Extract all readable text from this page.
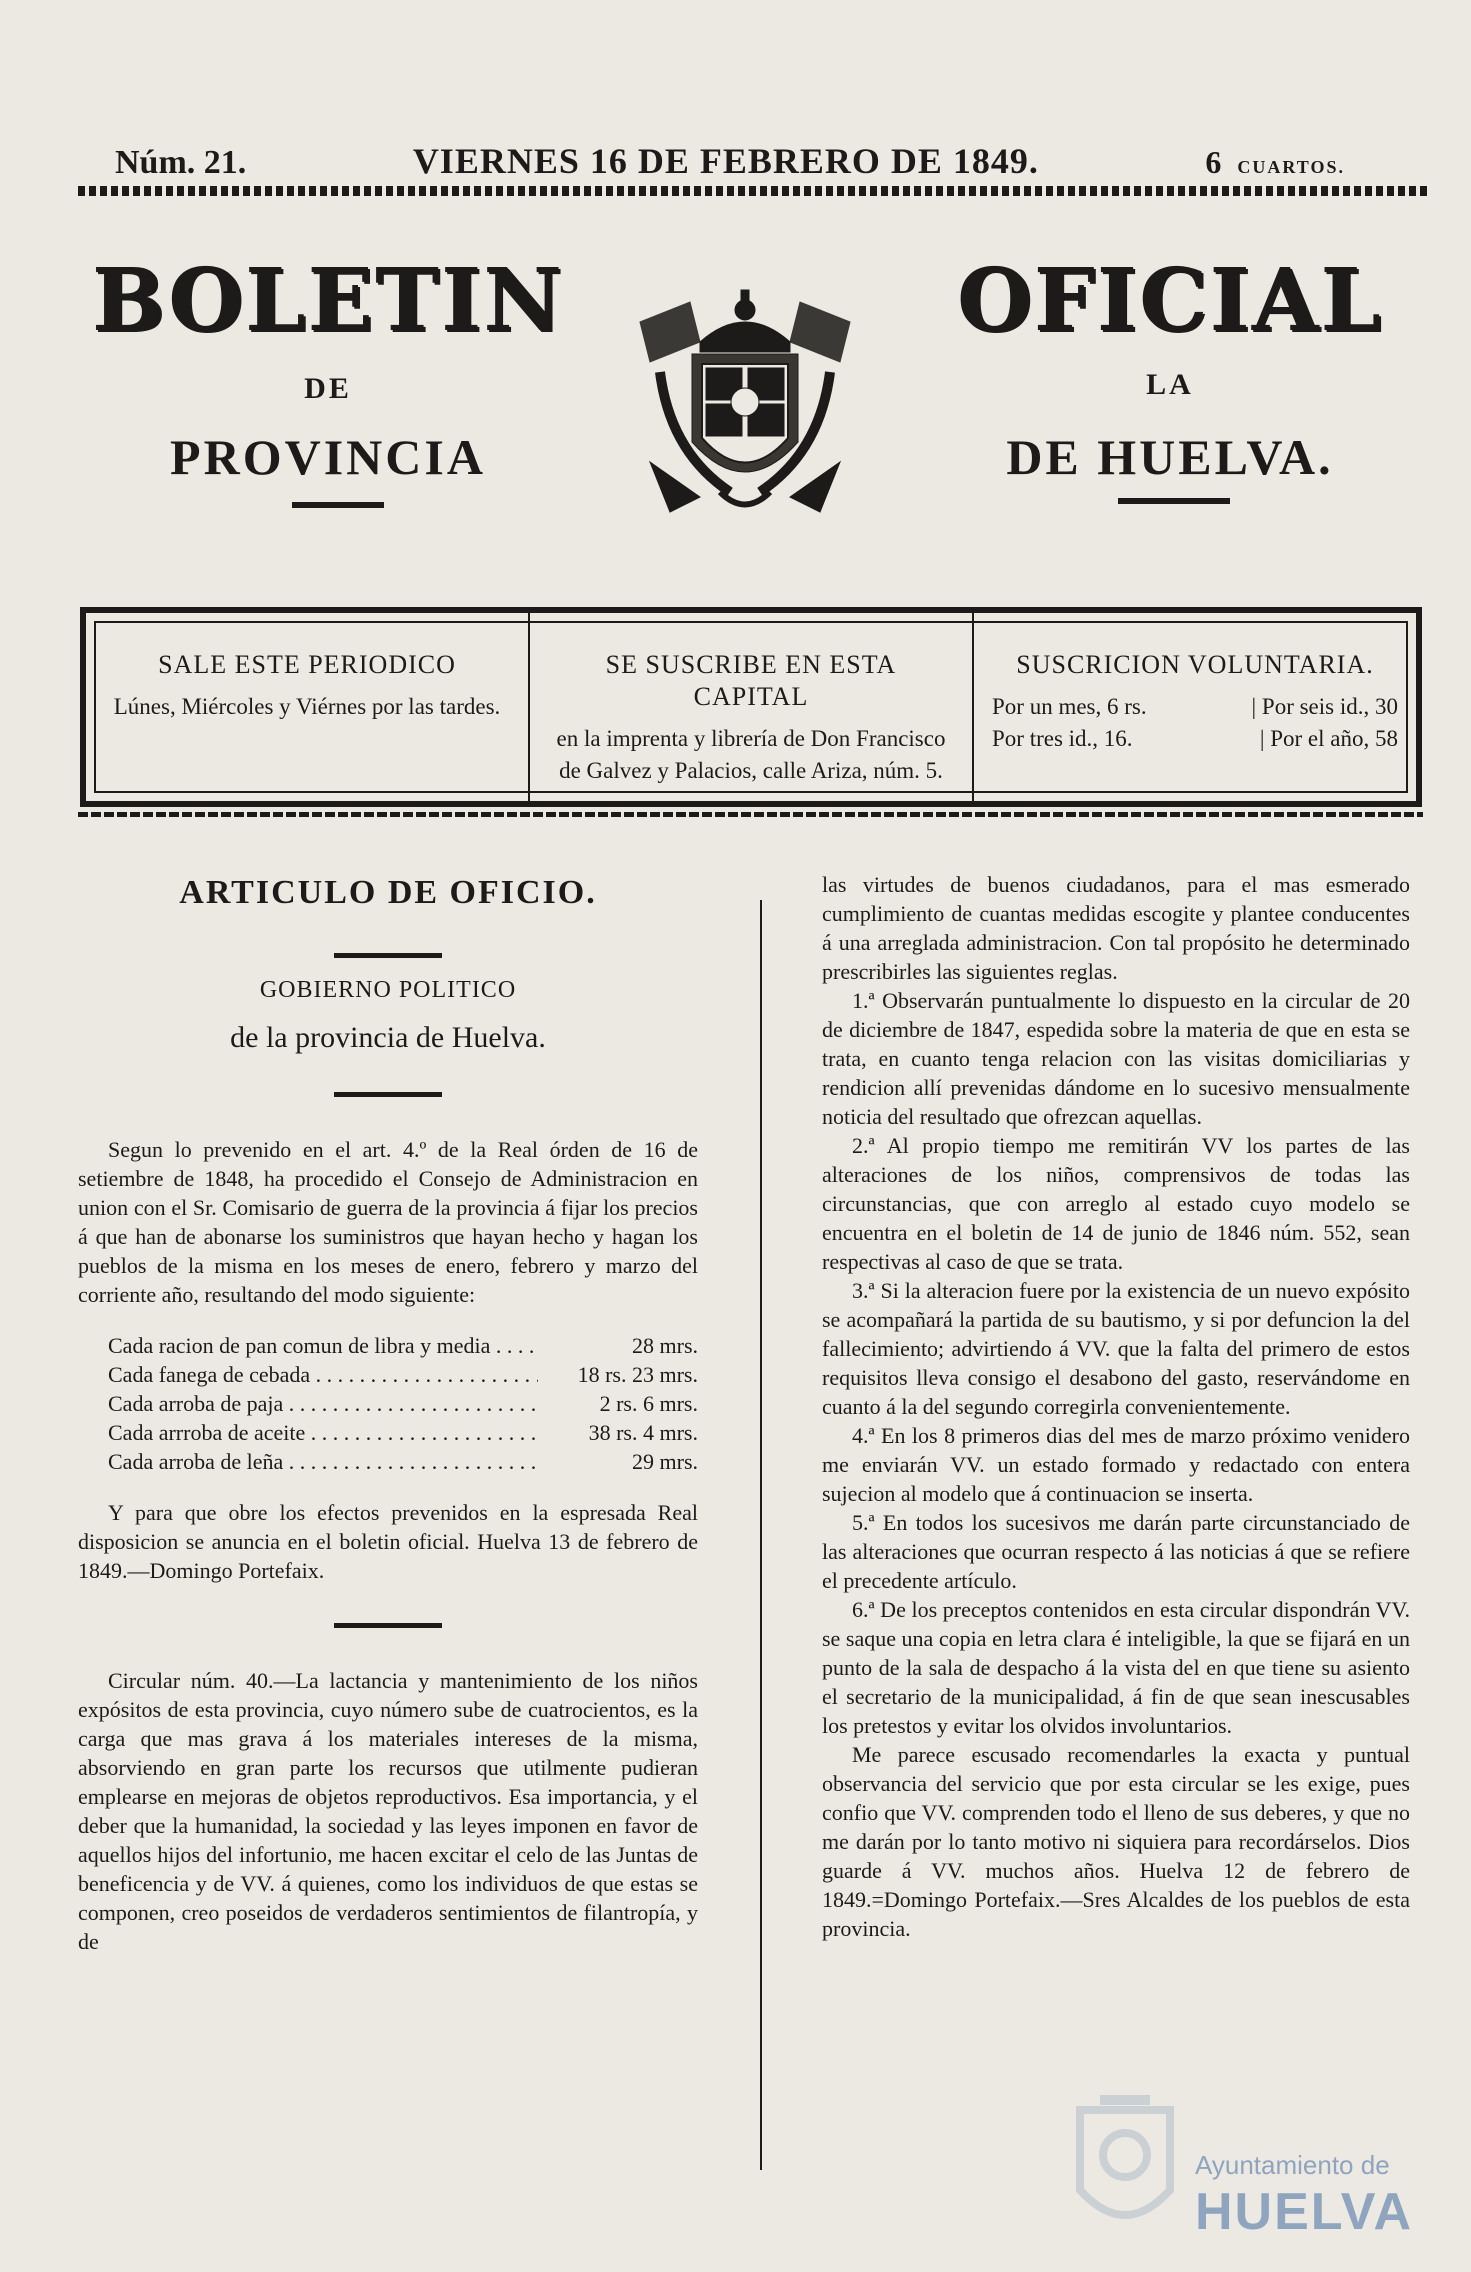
Núm. 21.	VIERNES 16 DE FEBRERO DE 1849.	6 CUARTOS.
BOLETIN
DE
PROVINCIA
OFICIAL
LA
DE HUELVA.
SALE ESTE PERIODICO
Lúnes, Miércoles y Viérnes por las tardes.
SE SUSCRIBE EN ESTA CAPITAL
en la imprenta y librería de Don Francisco de Galvez y Palacios, calle Ariza, núm. 5.
SUSCRICION VOLUNTARIA.
Por un mes, 6 rs.	| Por seis id., 30
Por tres id., 16.	| Por el año, 58
ARTICULO DE OFICIO.
GOBIERNO POLITICO
de la provincia de Huelva.

Segun lo prevenido en el art. 4.º de la Real órden de 16 de setiembre de 1848, ha procedido el Consejo de Administracion en union con el Sr. Comisario de guerra de la provincia á fijar los precios á que han de abonarse los suministros que hayan hecho y hagan los pueblos de la misma en los meses de enero, febrero y marzo del corriente año, resultando del modo siguiente:

Cada racion de pan comun de libra y media . . .	28 mrs.
Cada fanega de cebada . . .	18 rs. 23 mrs.
Cada arroba de paja . . .	2 rs. 6 mrs.
Cada arrroba de aceite . . .	38 rs. 4 mrs.
Cada arroba de leña . . .	29 mrs.

Y para que obre los efectos prevenidos en la espresada Real disposicion se anuncia en el boletin oficial. Huelva 13 de febrero de 1849.—Domingo Portefaix.

Circular núm. 40.—La lactancia y mantenimiento de los niños expósitos de esta provincia, cuyo número sube de cuatrocientos, es la carga que mas grava á los materiales intereses de la misma, absorviendo en gran parte los recursos que utilmente pudieran emplearse en mejoras de objetos reproductivos. Esa importancia, y el deber que la humanidad, la sociedad y las leyes imponen en favor de aquellos hijos del infortunio, me hacen excitar el celo de las Juntas de beneficencia y de VV. á quienes, como los individuos de que estas se componen, creo poseidos de verdaderos sentimientos de filantropía, y de

las virtudes de buenos ciudadanos, para el mas esmerado cumplimiento de cuantas medidas escogite y plantee conducentes á una arreglada administracion. Con tal propósito he determinado prescribirles las siguientes reglas.

1.ª Observarán puntualmente lo dispuesto en la circular de 20 de diciembre de 1847, espedida sobre la materia de que en esta se trata, en cuanto tenga relacion con las visitas domiciliarias y rendicion allí prevenidas dándome en lo sucesivo mensualmente noticia del resultado que ofrezcan aquellas.

2.ª Al propio tiempo me remitirán VV los partes de las alteraciones de los niños, comprensivos de todas las circunstancias, que con arreglo al estado cuyo modelo se encuentra en el boletin de 14 de junio de 1846 núm. 552, sean respectivas al caso de que se trata.

3.ª Si la alteracion fuere por la existencia de un nuevo expósito se acompañará la partida de su bautismo, y si por defuncion la del fallecimiento; advirtiendo á VV. que la falta del primero de estos requisitos lleva consigo el desabono del gasto, reservándome en cuanto á la del segundo corregirla convenientemente.

4.ª En los 8 primeros dias del mes de marzo próximo venidero me enviarán VV. un estado formado y redactado con entera sujecion al modelo que á continuacion se inserta.

5.ª En todos los sucesivos me darán parte circunstanciado de las alteraciones que ocurran respecto á las noticias á que se refiere el precedente artículo.

6.ª De los preceptos contenidos en esta circular dispondrán VV. se saque una copia en letra clara é inteligible, la que se fijará en un punto de la sala de despacho á la vista del en que tiene su asiento el secretario de la municipalidad, á fin de que sean inescusables los pretestos y evitar los olvidos involuntarios.

Me parece escusado recomendarles la exacta y puntual observancia del servicio que por esta circular se les exige, pues confio que VV. comprenden todo el lleno de sus deberes, y que no me darán por lo tanto motivo ni siquiera para recordárselos. Dios guarde á VV. muchos años. Huelva 12 de febrero de 1849.=Domingo Portefaix.—Sres Alcaldes de los pueblos de esta provincia.

Ayuntamiento de
HUELVA
